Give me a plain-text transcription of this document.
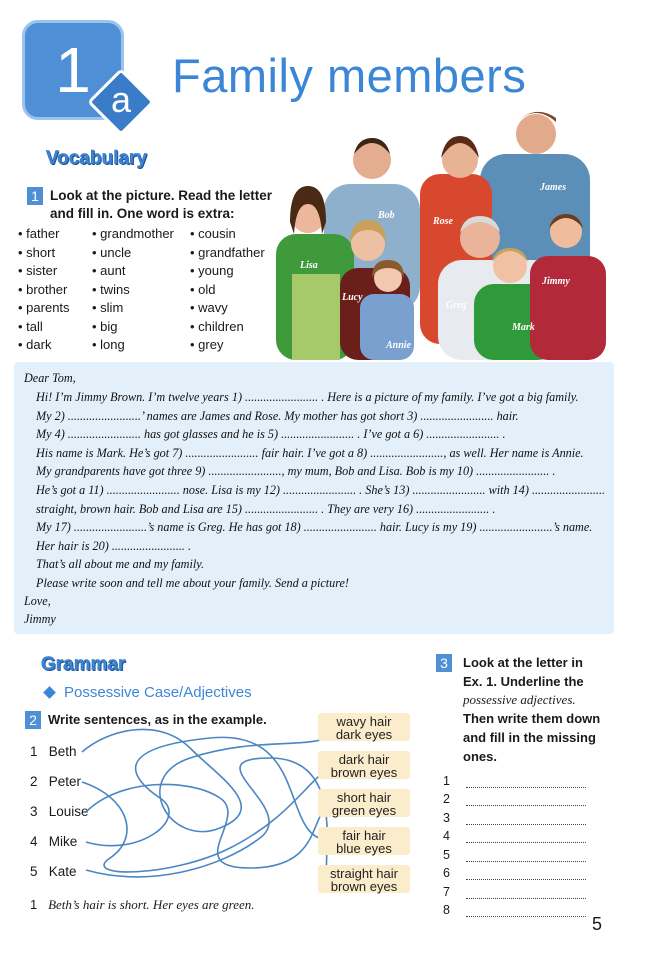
1 a Family members
Vocabulary
1 Look at the picture. Read the letter
and fill in. One word is extra:
• father
• short
• sister
• brother
• parents
• tall
• dark
• grandmother
• uncle
• aunt
• twins
• slim
• big
• long
• cousin
• grandfather
• young
• old
• wavy
• children
• grey
James
Bob
Rose
Lisa
Lucy
Greg
Jimmy
Mark
Annie
Dear Tom,
Hi! I’m Jimmy Brown. I’m twelve years 1) ........................ . Here is a picture of my family. I’ve got a big family.
My 2) ........................’ names are James and Rose. My mother has got short 3) ........................ hair.
My 4) ........................ has got glasses and he is 5) ........................ . I’ve got a 6) ........................ .
His name is Mark. He’s got 7) ........................ fair hair. I’ve got a 8) ........................, as well. Her name is Annie.
My grandparents have got three 9) ........................, my mum, Bob and Lisa. Bob is my 10) ........................ .
He’s got a 11) ........................ nose. Lisa is my 12) ........................ . She’s 13) ........................ with 14) ........................
straight, brown hair. Bob and Lisa are 15) ........................ . They are very 16) ........................ .
My 17) ........................’s name is Greg. He has got 18) ........................ hair. Lucy is my 19) ........................’s name.
Her hair is 20) ........................ .
That’s all about me and my family.
Please write soon and tell me about your family. Send a picture!
Love,
Jimmy
Grammar
Possessive Case/Adjectives
2 Write sentences, as in the example.
1 Beth
2 Peter
3 Louise
4 Mike
5 Kate
wavy hair
dark eyes
dark hair
brown eyes
short hair
green eyes
fair hair
blue eyes
straight hair
brown eyes
1 Beth’s hair is short. Her eyes are green.
3	Look at the letter in
Ex. 1. Underline the
possessive adjectives.
Then write them down
and fill in the missing
ones.
1
2
3
4
5
6
7
8
5
